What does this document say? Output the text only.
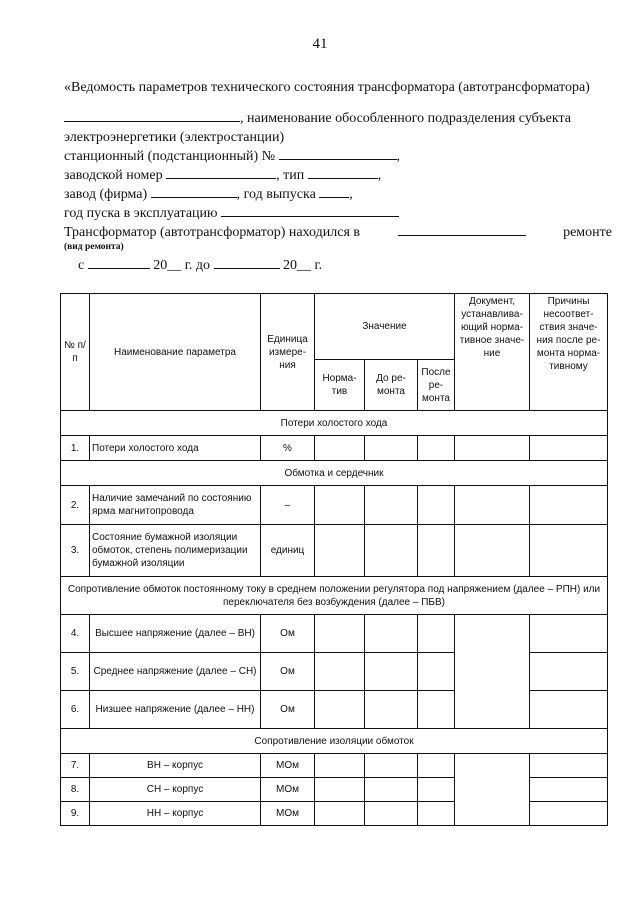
41
«Ведомость параметров технического состояния трансформатора (автотрансформатора)
, наименование обособленного подразделения субъекта
электроэнергетики (электростанции)
станционный (подстанционный) №	,
заводской номер	, тип	,
завод (фирма)	, год выпуска ,
год пуска в эксплуатацию
Трансформатор (автотрансформатор) находился в	ремонте
(вид ремонта)
с	20__ г. до	20__ г.
№ п/п	Наименование параметра	Единица измере-ния	Значение			Документ, устанавлива-ющий норма-тивное значе-ние	Причины несоответ-ствия значе-ния после ре-монта норма-тивному
			Норма-тив	До ре-монта	После ре-монта		
Потери холостого хода							
1.	Потери холостого хода	%					
Обмотка и сердечник							
2.	Наличие замечаний по состоянию ярма магнитопровода	–					
3.	Состояние бумажной изоляции обмоток, степень полимеризации бумажной изоляции	единиц					
Сопротивление обмоток постоянному току в среднем положении регулятора под напряжением (далее – РПН) или переключателя без возбуждения (далее – ПБВ)							
4.	Высшее напряжение (далее – ВН)	Ом					
5.	Среднее напряжение (далее – СН)	Ом					
6.	Низшее напряжение (далее – НН)	Ом					
Сопротивление изоляции обмоток							
7.	ВН – корпус	МОм					
8.	СН – корпус	МОм					
9.	НН – корпус	МОм					
